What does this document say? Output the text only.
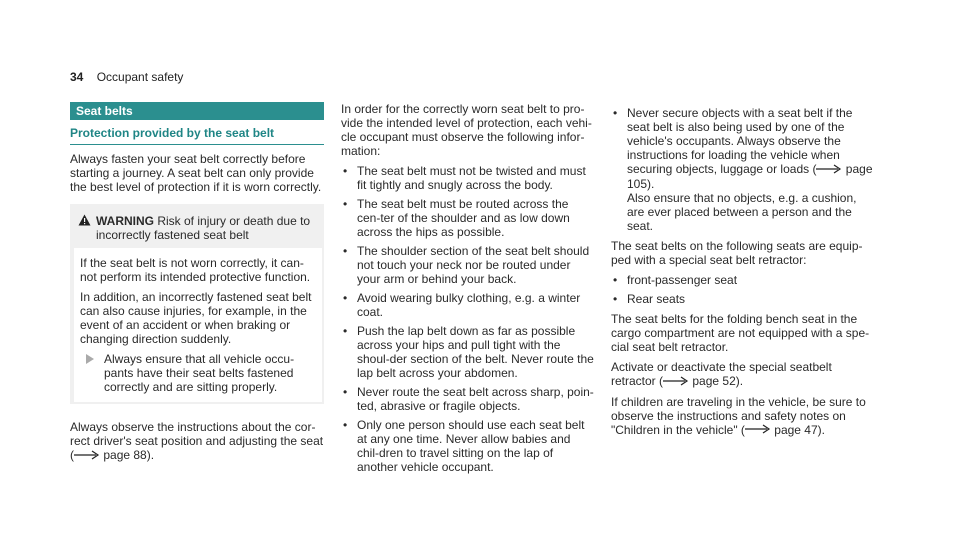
34 Occupant safety
Seat belts
Protection provided by the seat belt

Always fasten your seat belt correctly before starting a journey. A seat belt can only provide the best level of protection if it is worn correctly.

WARNING Risk of injury or death due to incorrectly fastened seat belt

If the seat belt is not worn correctly, it can-not perform its intended protective function.

In addition, an incorrectly fastened seat belt can also cause injuries, for example, in the event of an accident or when braking or changing direction suddenly.

Always ensure that all vehicle occu-pants have their seat belts fastened correctly and are sitting properly.

Always observe the instructions about the cor-rect driver's seat position and adjusting the seat ( page 88).

In order for the correctly worn seat belt to pro-vide the intended level of protection, each vehi-cle occupant must observe the following infor-mation:

• The seat belt must not be twisted and must fit tightly and snugly across the body.
• The seat belt must be routed across the cen-ter of the shoulder and as low down across the hips as possible.
• The shoulder section of the seat belt should not touch your neck nor be routed under your arm or behind your back.
• Avoid wearing bulky clothing, e.g. a winter coat.
• Push the lap belt down as far as possible across your hips and pull tight with the shoul-der section of the belt. Never route the lap belt across your abdomen.
• Never route the seat belt across sharp, poin-ted, abrasive or fragile objects.
• Only one person should use each seat belt at any one time. Never allow babies and chil-dren to travel sitting on the lap of another vehicle occupant.
• Never secure objects with a seat belt if the seat belt is also being used by one of the vehicle's occupants. Always observe the instructions for loading the vehicle when securing objects, luggage or loads ( page 105).
Also ensure that no objects, e.g. a cushion, are ever placed between a person and the seat.

The seat belts on the following seats are equip-ped with a special seat belt retractor:

• front-passenger seat
• Rear seats

The seat belts for the folding bench seat in the cargo compartment are not equipped with a spe-cial seat belt retractor.

Activate or deactivate the special seatbelt retractor ( page 52).

If children are traveling in the vehicle, be sure to observe the instructions and safety notes on "Children in the vehicle" ( page 47).
